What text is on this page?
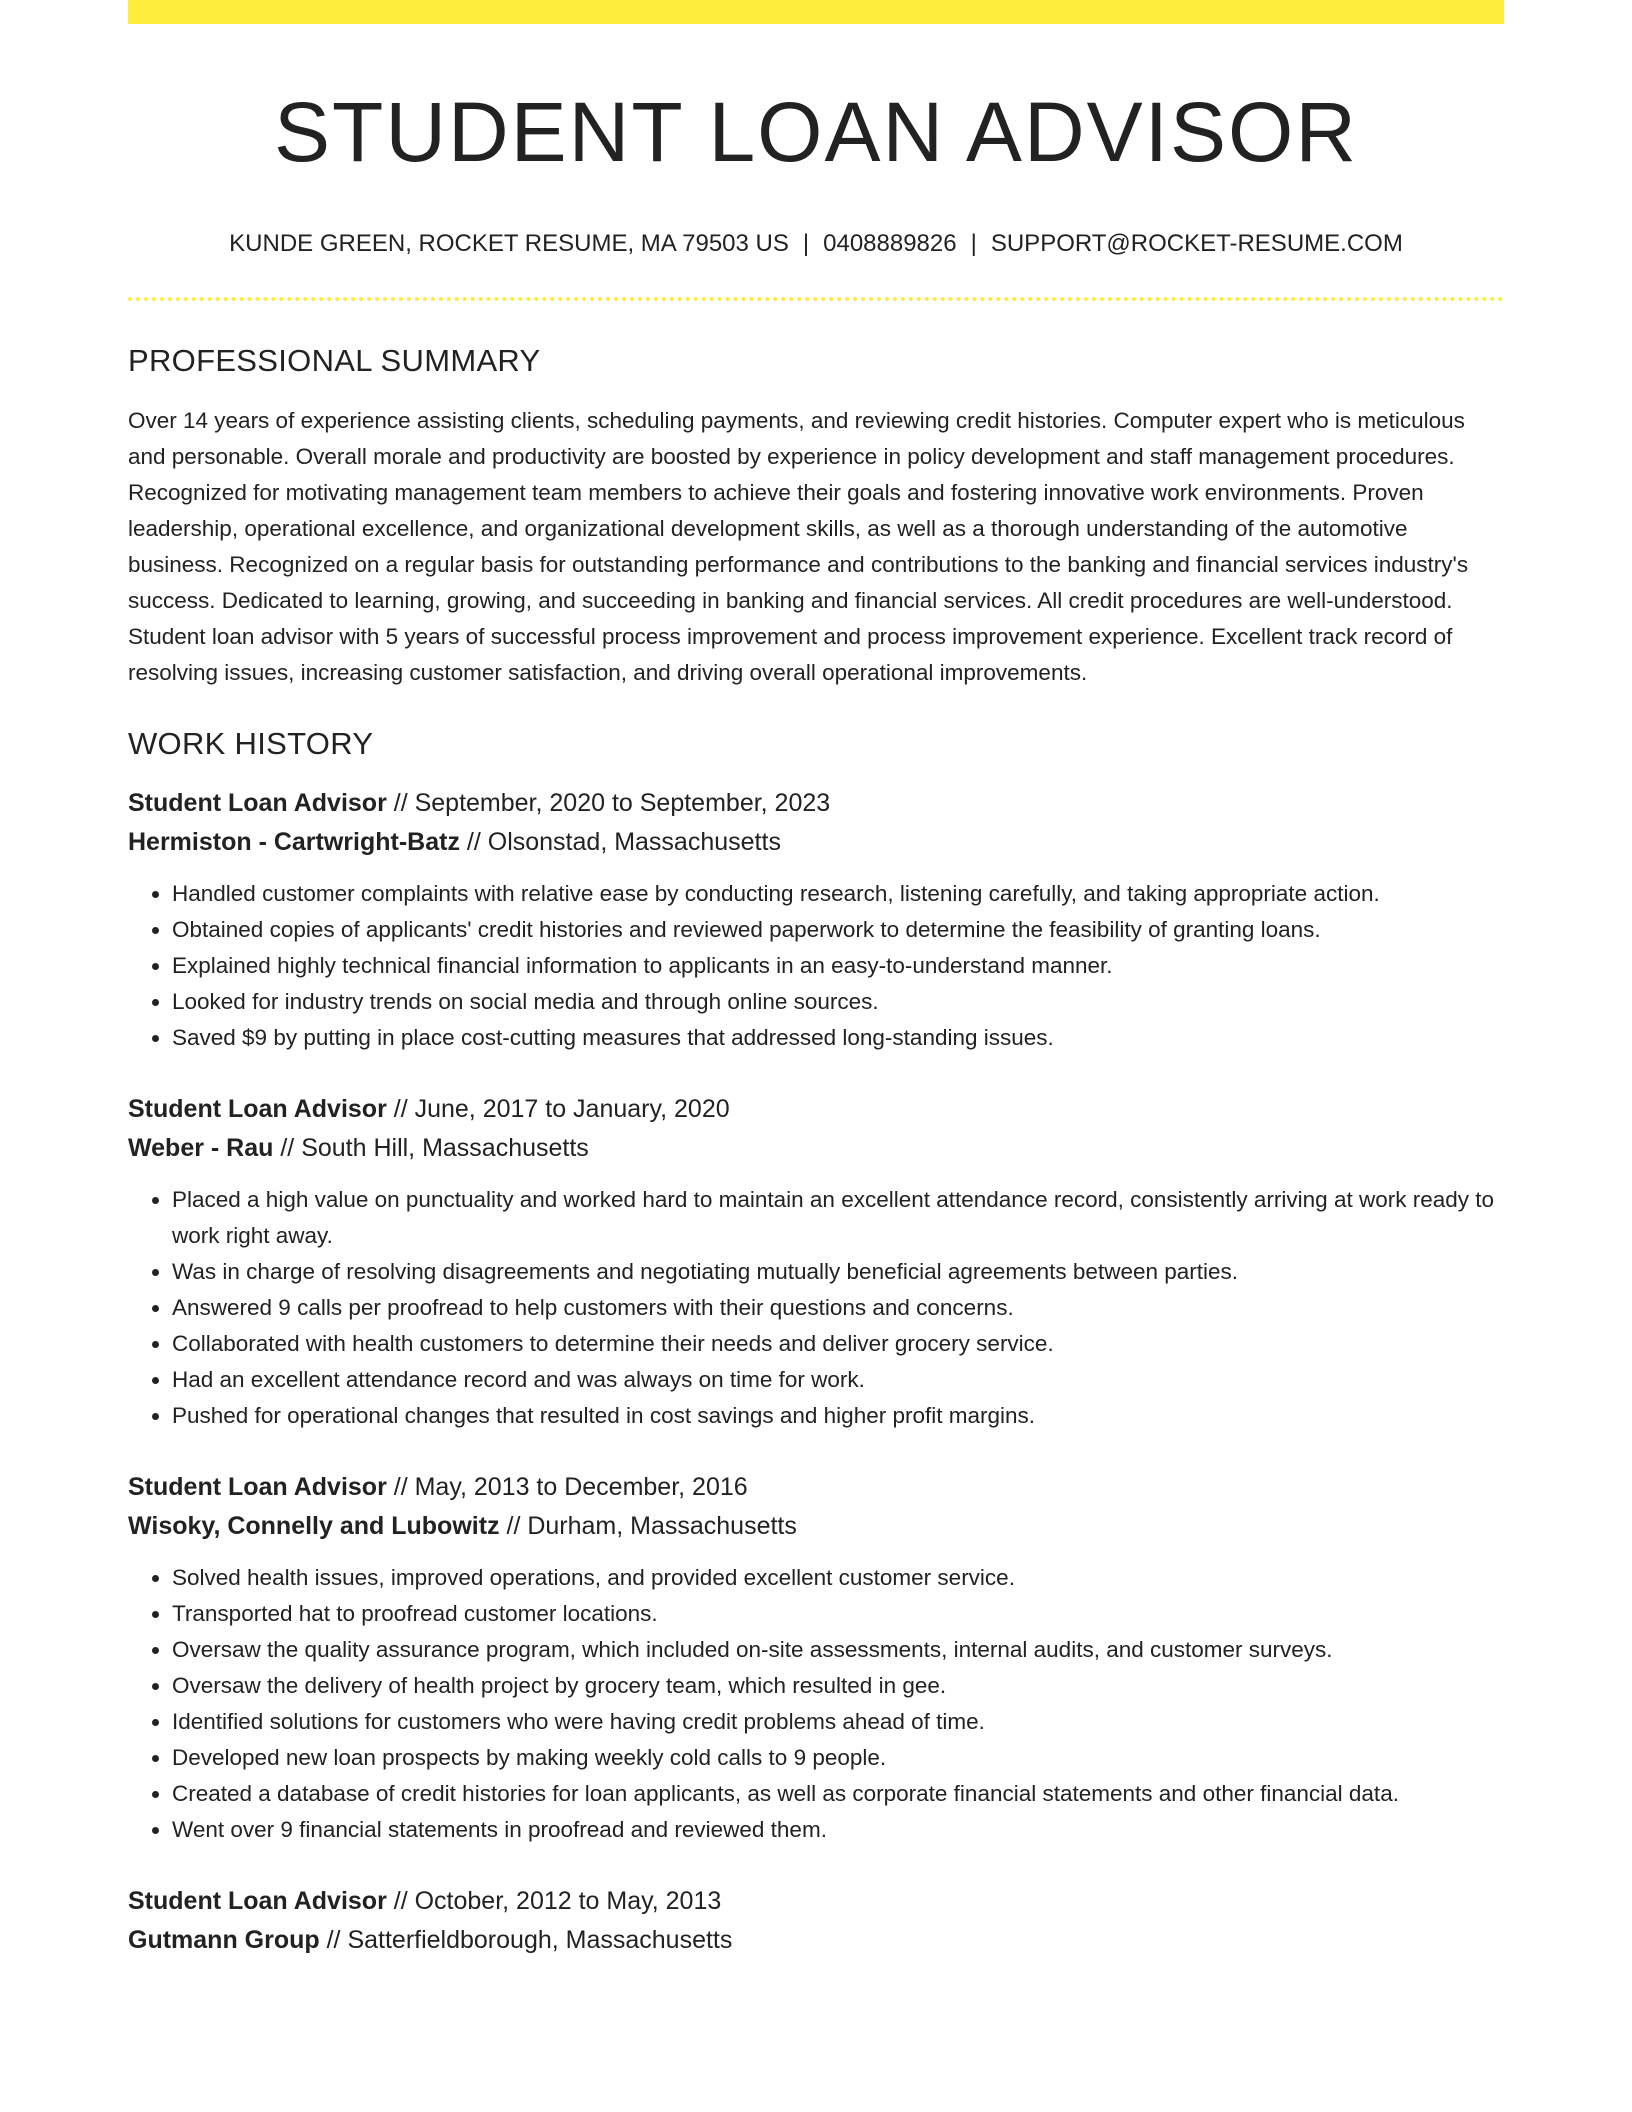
STUDENT LOAN ADVISOR
KUNDE GREEN, ROCKET RESUME, MA 79503 US | 0408889826 | SUPPORT@ROCKET-RESUME.COM
PROFESSIONAL SUMMARY

Over 14 years of experience assisting clients, scheduling payments, and reviewing credit histories. Computer expert who is meticulous and personable. Overall morale and productivity are boosted by experience in policy development and staff management procedures. Recognized for motivating management team members to achieve their goals and fostering innovative work environments. Proven leadership, operational excellence, and organizational development skills, as well as a thorough understanding of the automotive business. Recognized on a regular basis for outstanding performance and contributions to the banking and financial services industry's success. Dedicated to learning, growing, and succeeding in banking and financial services. All credit procedures are well-understood. Student loan advisor with 5 years of successful process improvement and process improvement experience. Excellent track record of resolving issues, increasing customer satisfaction, and driving overall operational improvements.

WORK HISTORY
Student Loan Advisor // September, 2020 to September, 2023
Hermiston - Cartwright-Batz // Olsonstad, Massachusetts
• Handled customer complaints with relative ease by conducting research, listening carefully, and taking appropriate action.
• Obtained copies of applicants' credit histories and reviewed paperwork to determine the feasibility of granting loans.
• Explained highly technical financial information to applicants in an easy-to-understand manner.
• Looked for industry trends on social media and through online sources.
• Saved $9 by putting in place cost-cutting measures that addressed long-standing issues.
Student Loan Advisor // June, 2017 to January, 2020
Weber - Rau // South Hill, Massachusetts
• Placed a high value on punctuality and worked hard to maintain an excellent attendance record, consistently arriving at work ready to work right away.
• Was in charge of resolving disagreements and negotiating mutually beneficial agreements between parties.
• Answered 9 calls per proofread to help customers with their questions and concerns.
• Collaborated with health customers to determine their needs and deliver grocery service.
• Had an excellent attendance record and was always on time for work.
• Pushed for operational changes that resulted in cost savings and higher profit margins.
Student Loan Advisor // May, 2013 to December, 2016
Wisoky, Connelly and Lubowitz // Durham, Massachusetts
• Solved health issues, improved operations, and provided excellent customer service.
• Transported hat to proofread customer locations.
• Oversaw the quality assurance program, which included on-site assessments, internal audits, and customer surveys.
• Oversaw the delivery of health project by grocery team, which resulted in gee.
• Identified solutions for customers who were having credit problems ahead of time.
• Developed new loan prospects by making weekly cold calls to 9 people.
• Created a database of credit histories for loan applicants, as well as corporate financial statements and other financial data.
• Went over 9 financial statements in proofread and reviewed them.
Student Loan Advisor // October, 2012 to May, 2013
Gutmann Group // Satterfieldborough, Massachusetts
